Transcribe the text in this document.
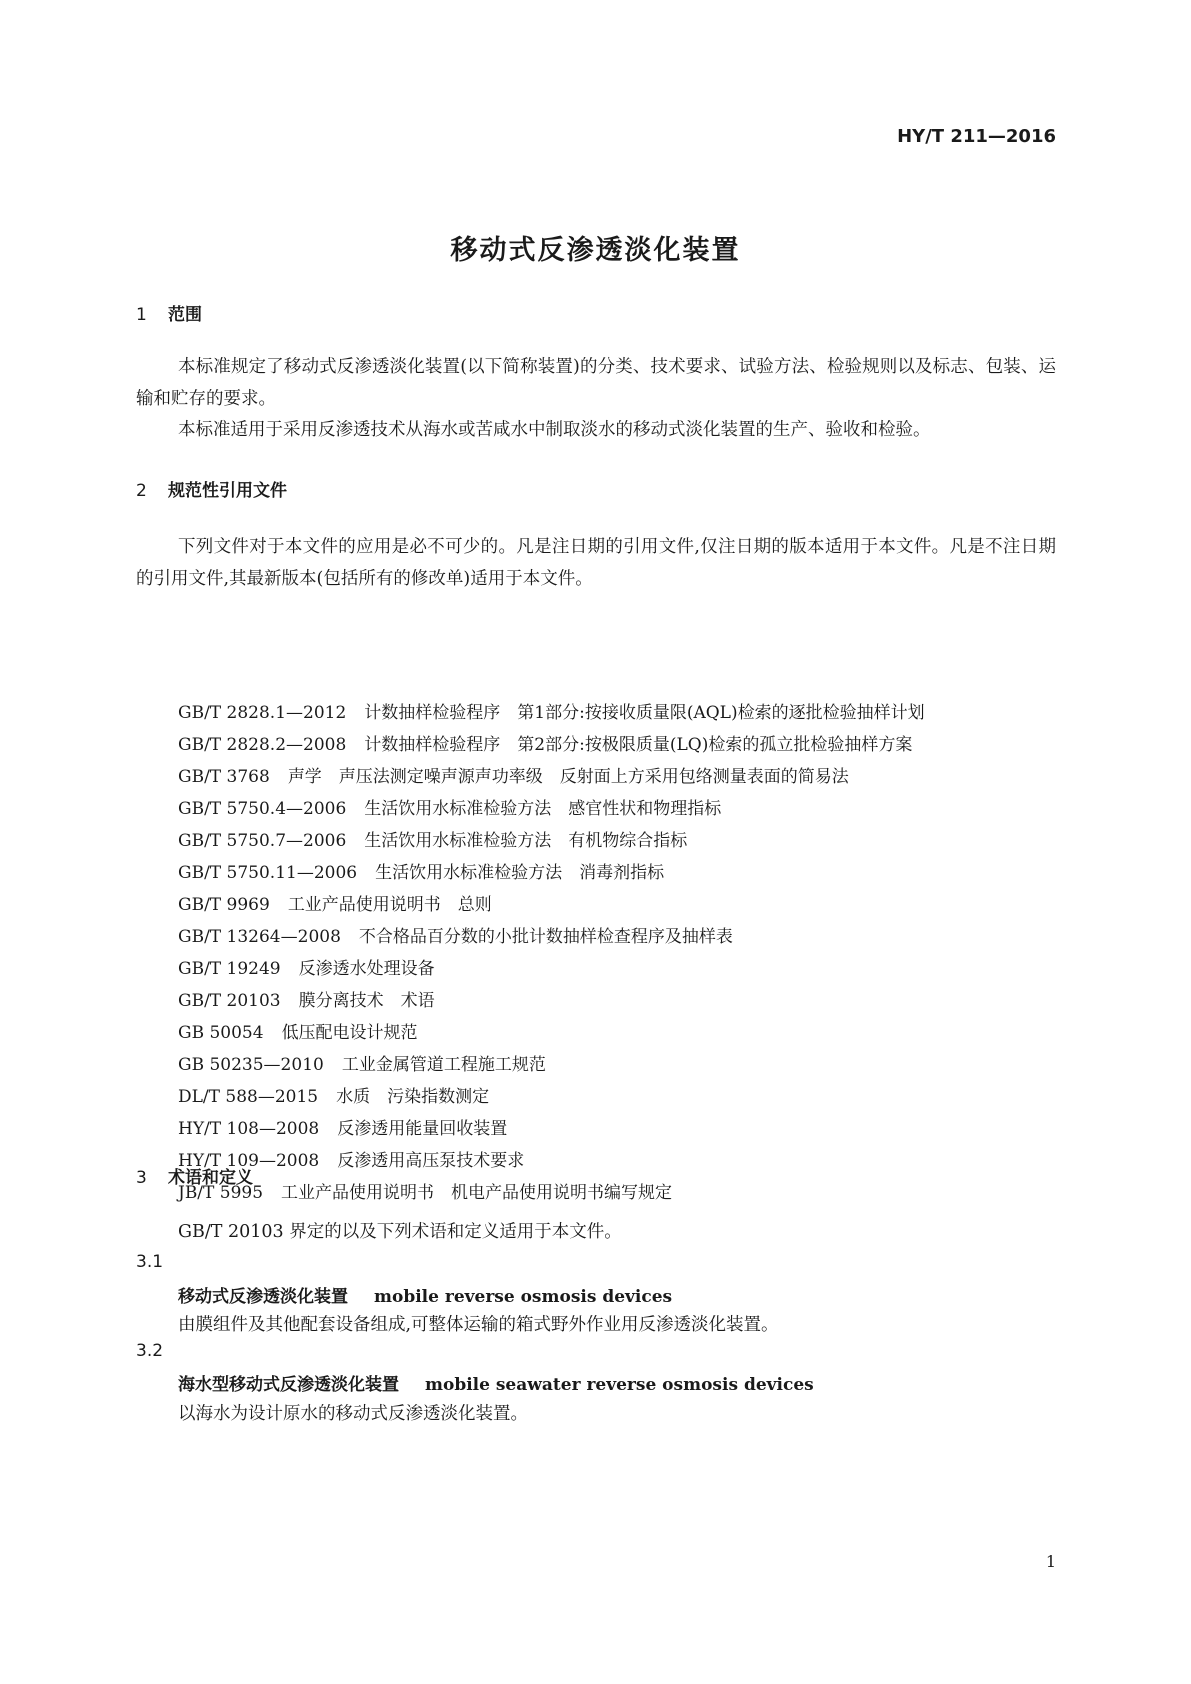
HY/T 211—2016
移动式反渗透淡化装置
1 范围
本标准规定了移动式反渗透淡化装置(以下简称装置)的分类、技术要求、试验方法、检验规则以及标志、包装、运输和贮存的要求。
本标准适用于采用反渗透技术从海水或苦咸水中制取淡水的移动式淡化装置的生产、验收和检验。
2 规范性引用文件
下列文件对于本文件的应用是必不可少的。凡是注日期的引用文件,仅注日期的版本适用于本文件。凡是不注日期的引用文件,其最新版本(包括所有的修改单)适用于本文件。
GB/T 2828.1—2012 计数抽样检验程序　第1部分:按接收质量限(AQL)检索的逐批检验抽样计划
GB/T 2828.2—2008 计数抽样检验程序　第2部分:按极限质量(LQ)检索的孤立批检验抽样方案
GB/T 3768 声学　声压法测定噪声源声功率级　反射面上方采用包络测量表面的简易法
GB/T 5750.4—2006 生活饮用水标准检验方法　感官性状和物理指标
GB/T 5750.7—2006 生活饮用水标准检验方法　有机物综合指标
GB/T 5750.11—2006 生活饮用水标准检验方法　消毒剂指标
GB/T 9969 工业产品使用说明书　总则
GB/T 13264—2008 不合格品百分数的小批计数抽样检查程序及抽样表
GB/T 19249 反渗透水处理设备
GB/T 20103 膜分离技术　术语
GB 50054 低压配电设计规范
GB 50235—2010 工业金属管道工程施工规范
DL/T 588—2015 水质　污染指数测定
HY/T 108—2008 反渗透用能量回收装置
HY/T 109—2008 反渗透用高压泵技术要求
JB/T 5995 工业产品使用说明书　机电产品使用说明书编写规定
3 术语和定义
GB/T 20103 界定的以及下列术语和定义适用于本文件。
3.1
移动式反渗透淡化装置 mobile reverse osmosis devices
由膜组件及其他配套设备组成,可整体运输的箱式野外作业用反渗透淡化装置。
3.2
海水型移动式反渗透淡化装置 mobile seawater reverse osmosis devices
以海水为设计原水的移动式反渗透淡化装置。
1
